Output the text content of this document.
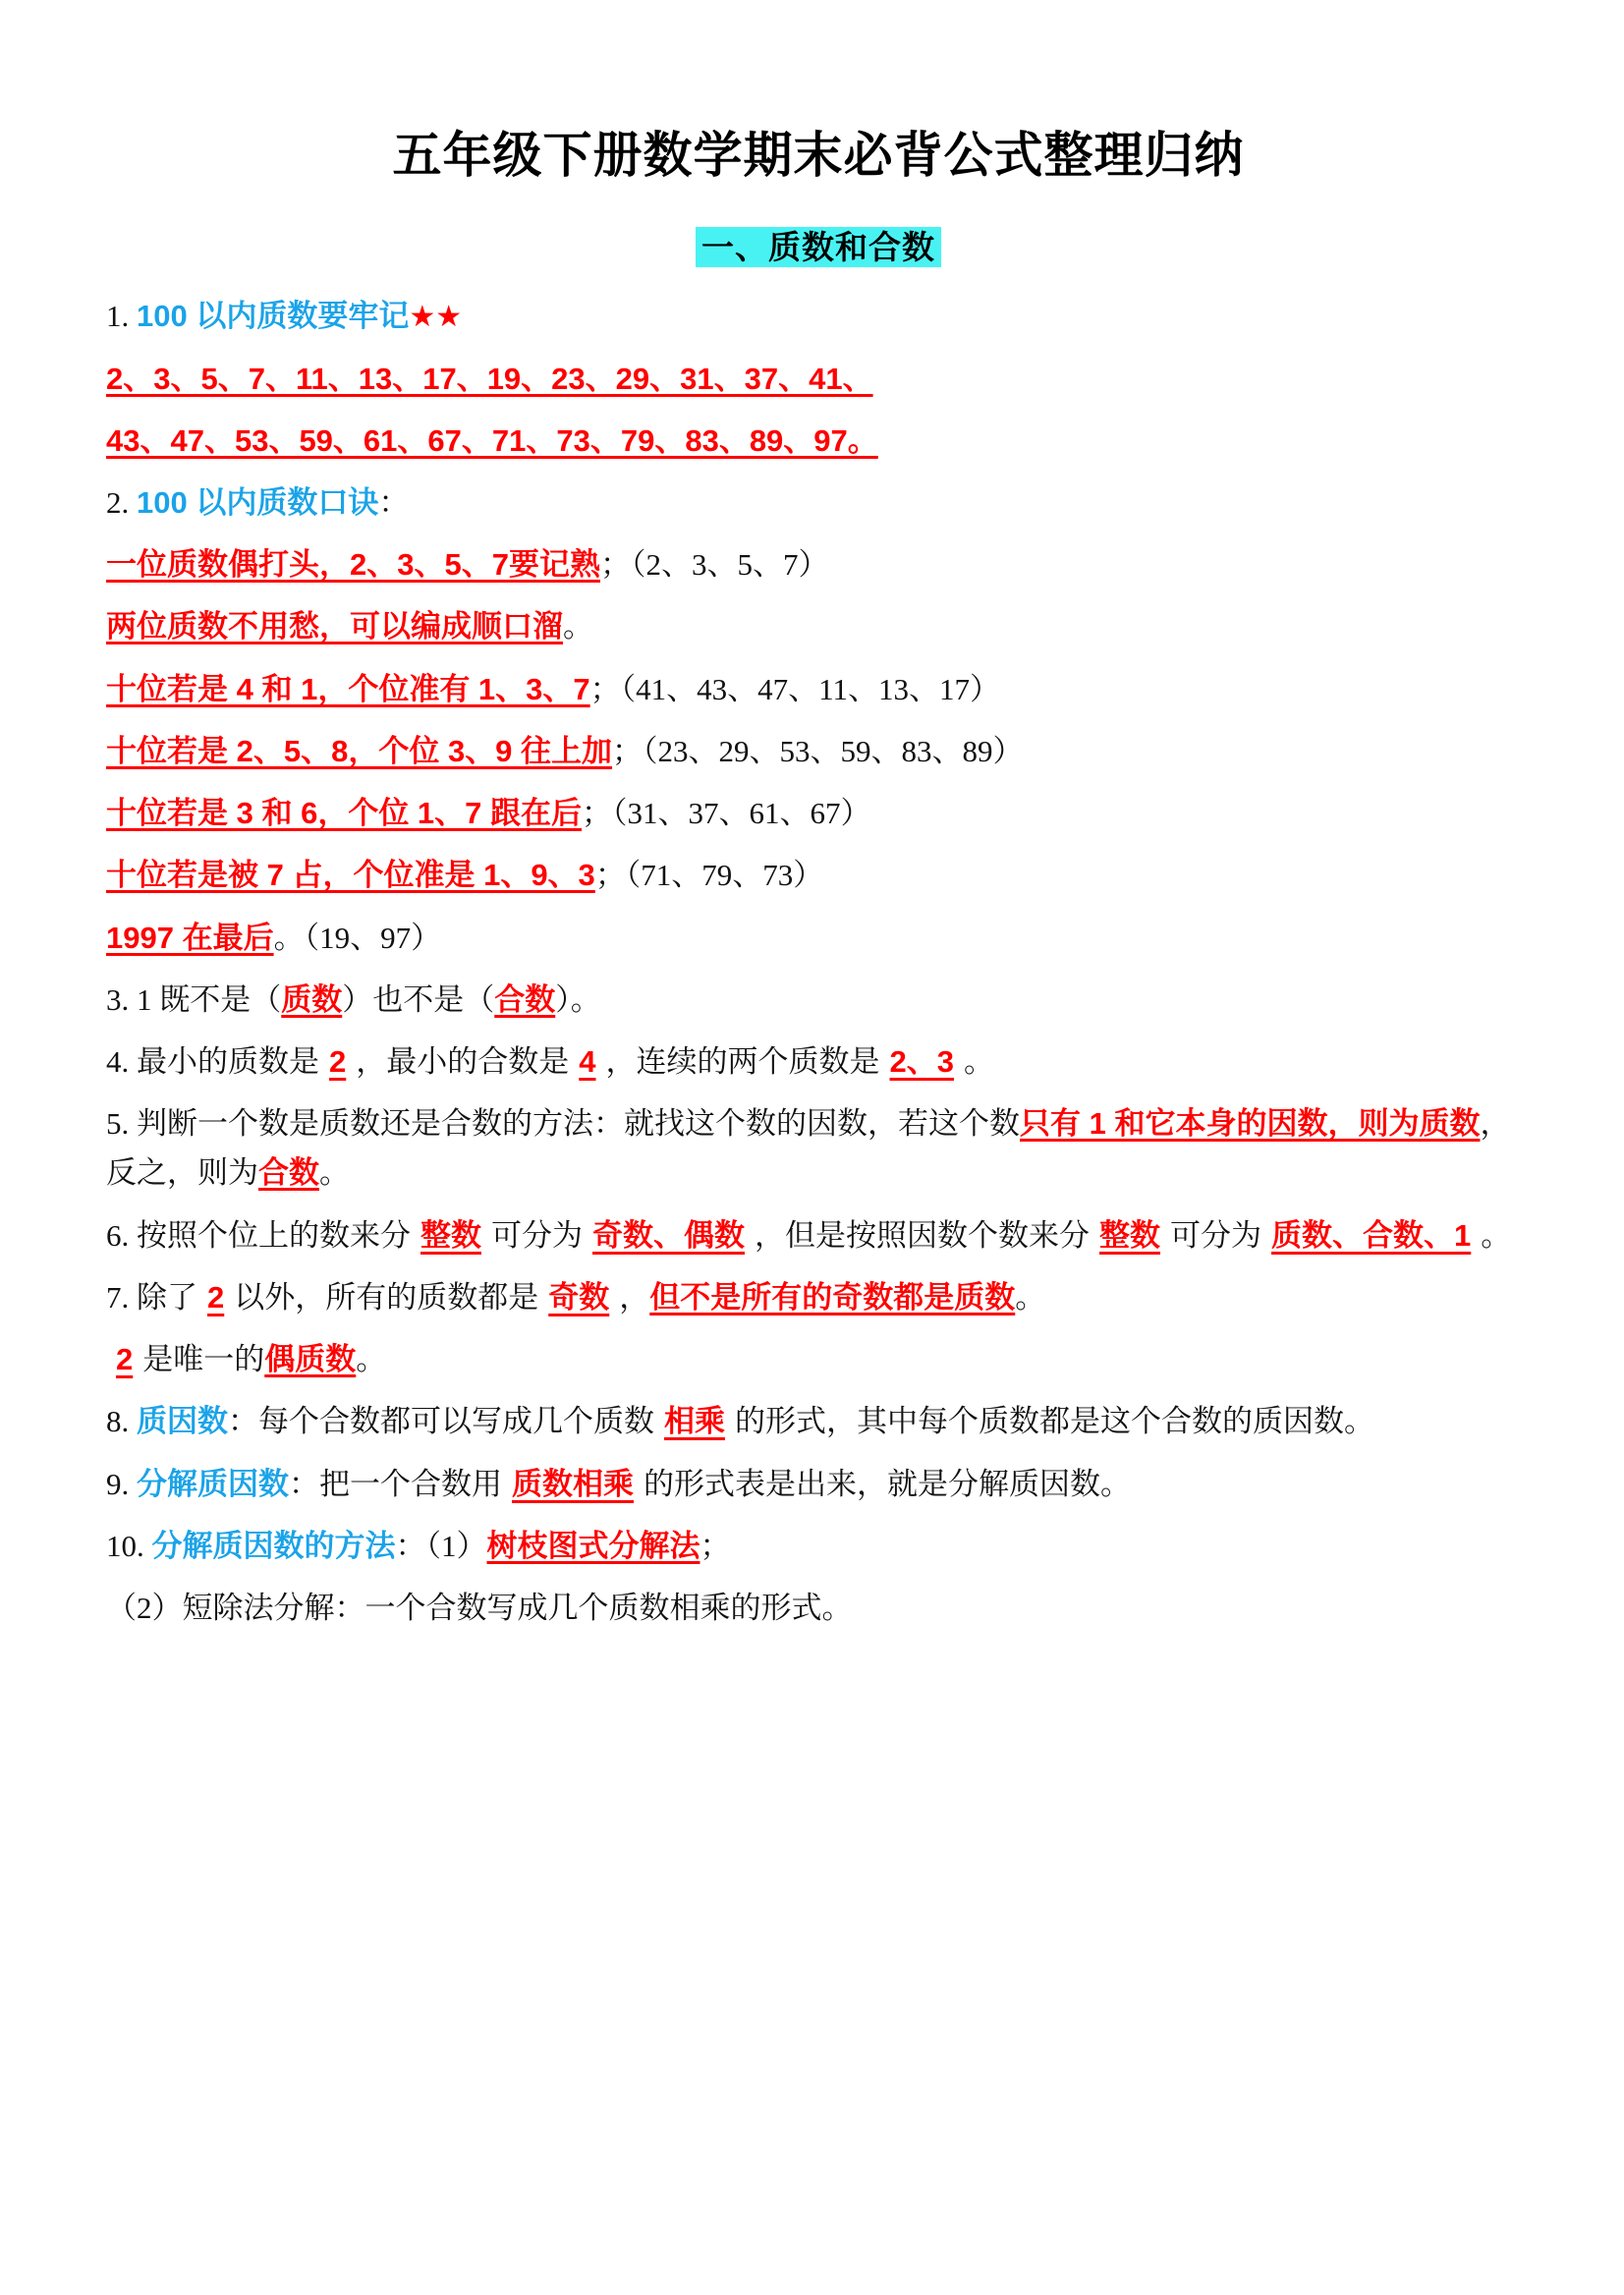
五年级下册数学期末必背公式整理归纳
一、质数和合数

1. 100 以内质数要牢记★★

2、3、5、7、11、13、17、19、23、29、31、37、41、

43、47、53、59、61、67、71、73、79、83、89、97。

2. 100 以内质数口诀：

一位质数偶打头，2、3、5、7要记熟；（2、3、5、7）

两位质数不用愁，可以编成顺口溜。

十位若是 4 和 1，个位准有 1、3、7；（41、43、47、11、13、17）

十位若是 2、5、8，个位 3、9 往上加；（23、29、53、59、83、89）

十位若是 3 和 6，个位 1、7 跟在后；（31、37、61、67）

十位若是被 7 占，个位准是 1、9、3；（71、79、73）

1997 在最后。（19、97）

3. 1 既不是（质数）也不是（合数）。

4. 最小的质数是 2 ，最小的合数是 4 ，连续的两个质数是 2、3 。

5. 判断一个数是质数还是合数的方法：就找这个数的因数，若这个数只有 1 和它本身的因数，则为质数，反之，则为合数。

6. 按照个位上的数来分 整数 可分为 奇数、偶数 ，但是按照因数个数来分 整数 可分为 质数、合数、1 。

7. 除了 2 以外，所有的质数都是 奇数 ，但不是所有的奇数都是质数。

2 是唯一的偶质数。

8. 质因数：每个合数都可以写成几个质数 相乘 的形式，其中每个质数都是这个合数的质因数。

9. 分解质因数：把一个合数用 质数相乘 的形式表是出来，就是分解质因数。

10. 分解质因数的方法：（1）树枝图式分解法；

（2）短除法分解：一个合数写成几个质数相乘的形式。
